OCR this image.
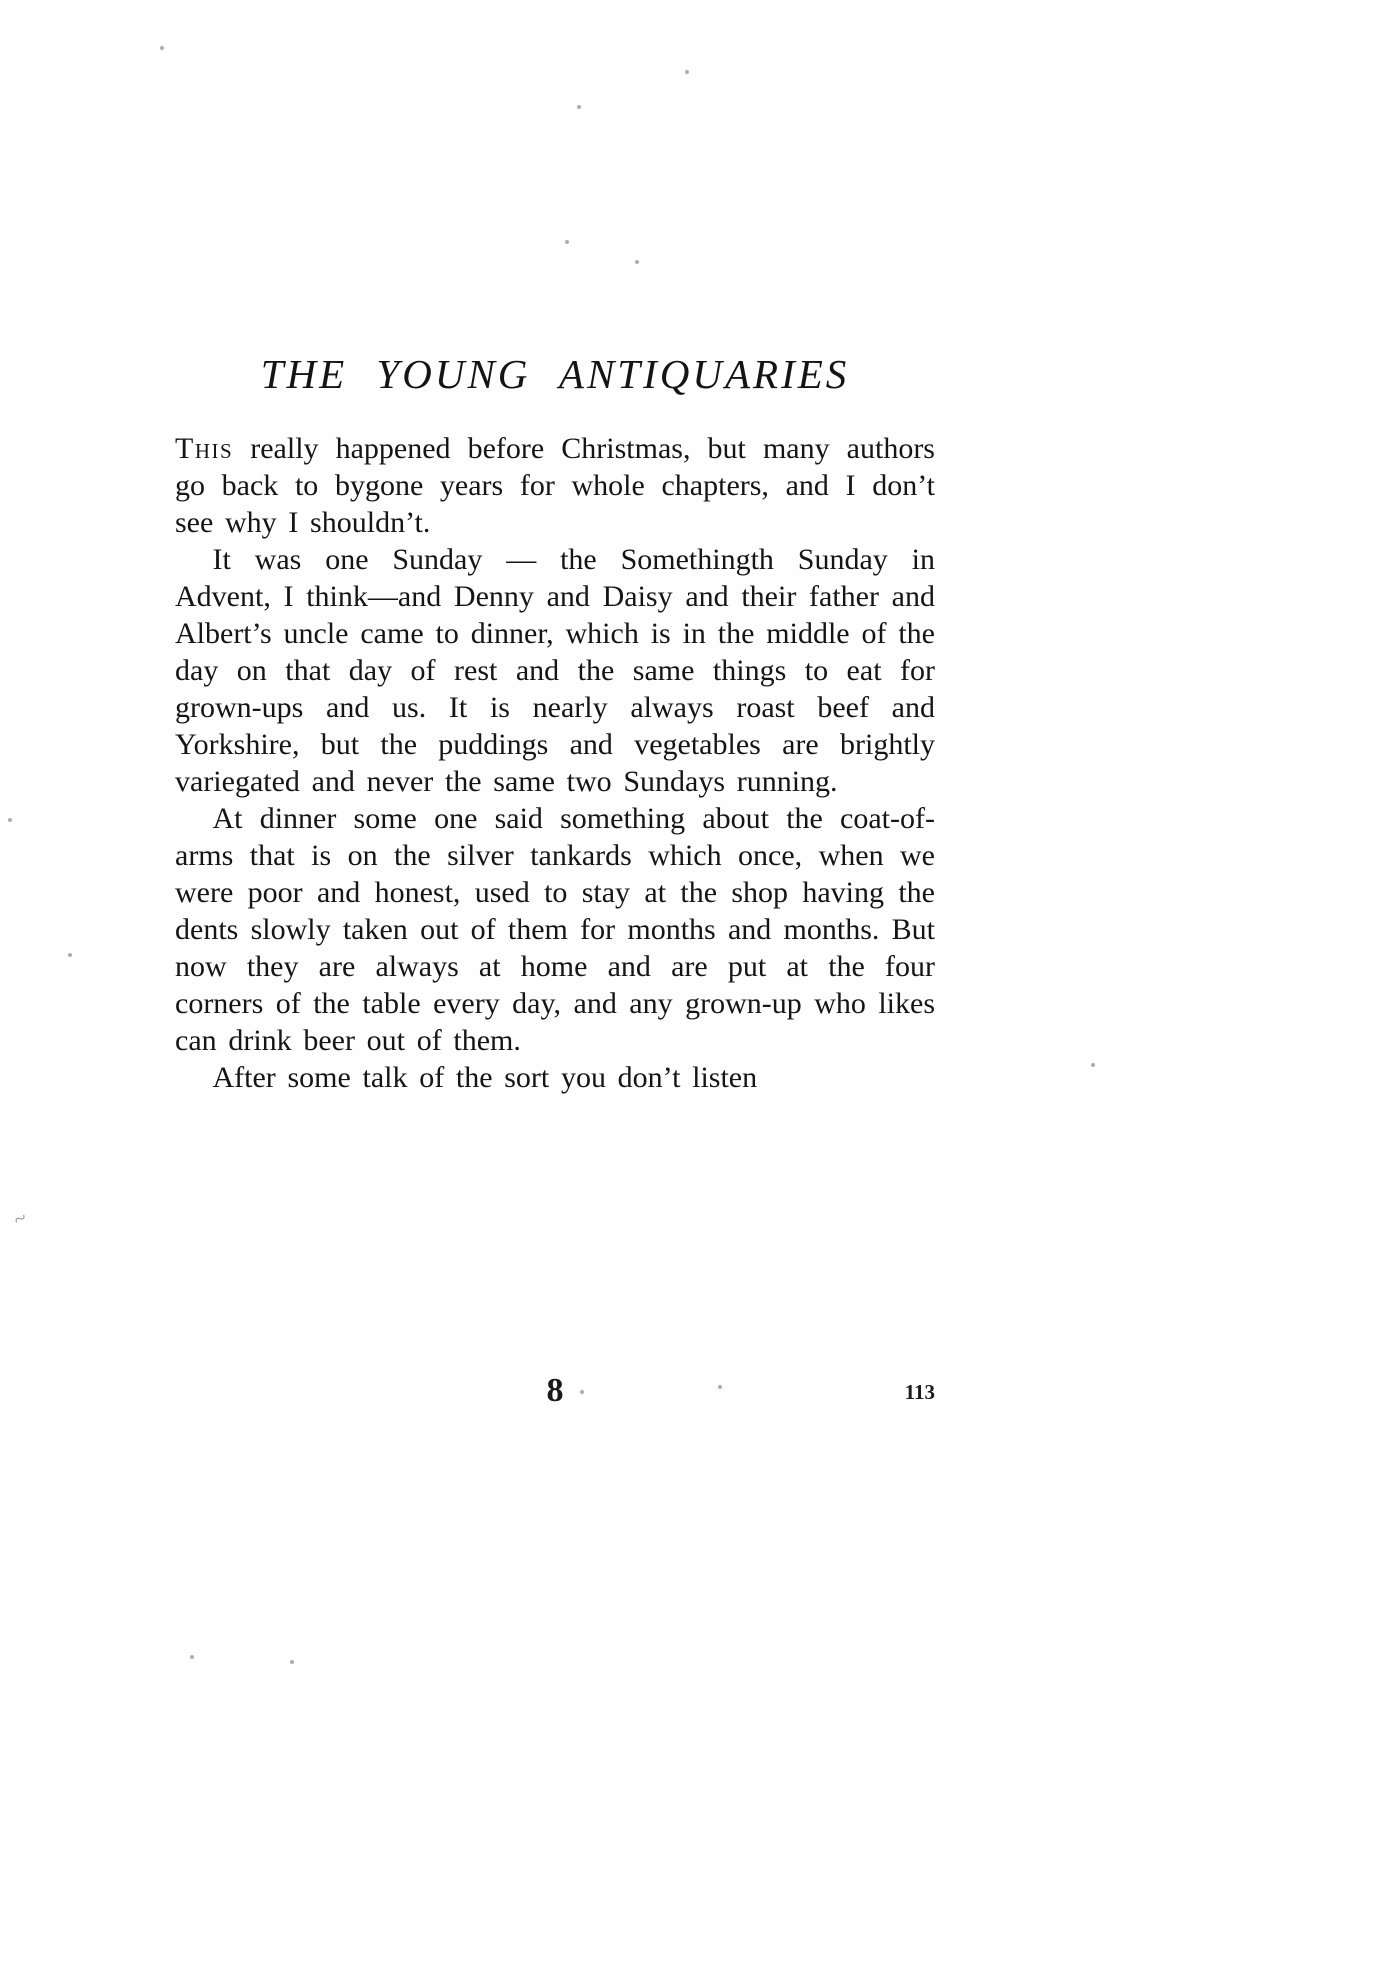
THE YOUNG ANTIQUARIES

This really happened before Christmas, but many authors go back to bygone years for whole chapters, and I don’t see why I shouldn’t.

It was one Sunday — the Somethingth Sunday in Advent, I think—and Denny and Daisy and their father and Albert’s uncle came to dinner, which is in the middle of the day on that day of rest and the same things to eat for grown-ups and us. It is nearly always roast beef and Yorkshire, but the puddings and vegetables are brightly variegated and never the same two Sundays running.

At dinner some one said something about the coat-of-arms that is on the silver tankards which once, when we were poor and honest, used to stay at the shop having the dents slowly taken out of them for months and months. But now they are always at home and are put at the four corners of the table every day, and any grown-up who likes can drink beer out of them.

After some talk of the sort you don’t listen

8	113
~
